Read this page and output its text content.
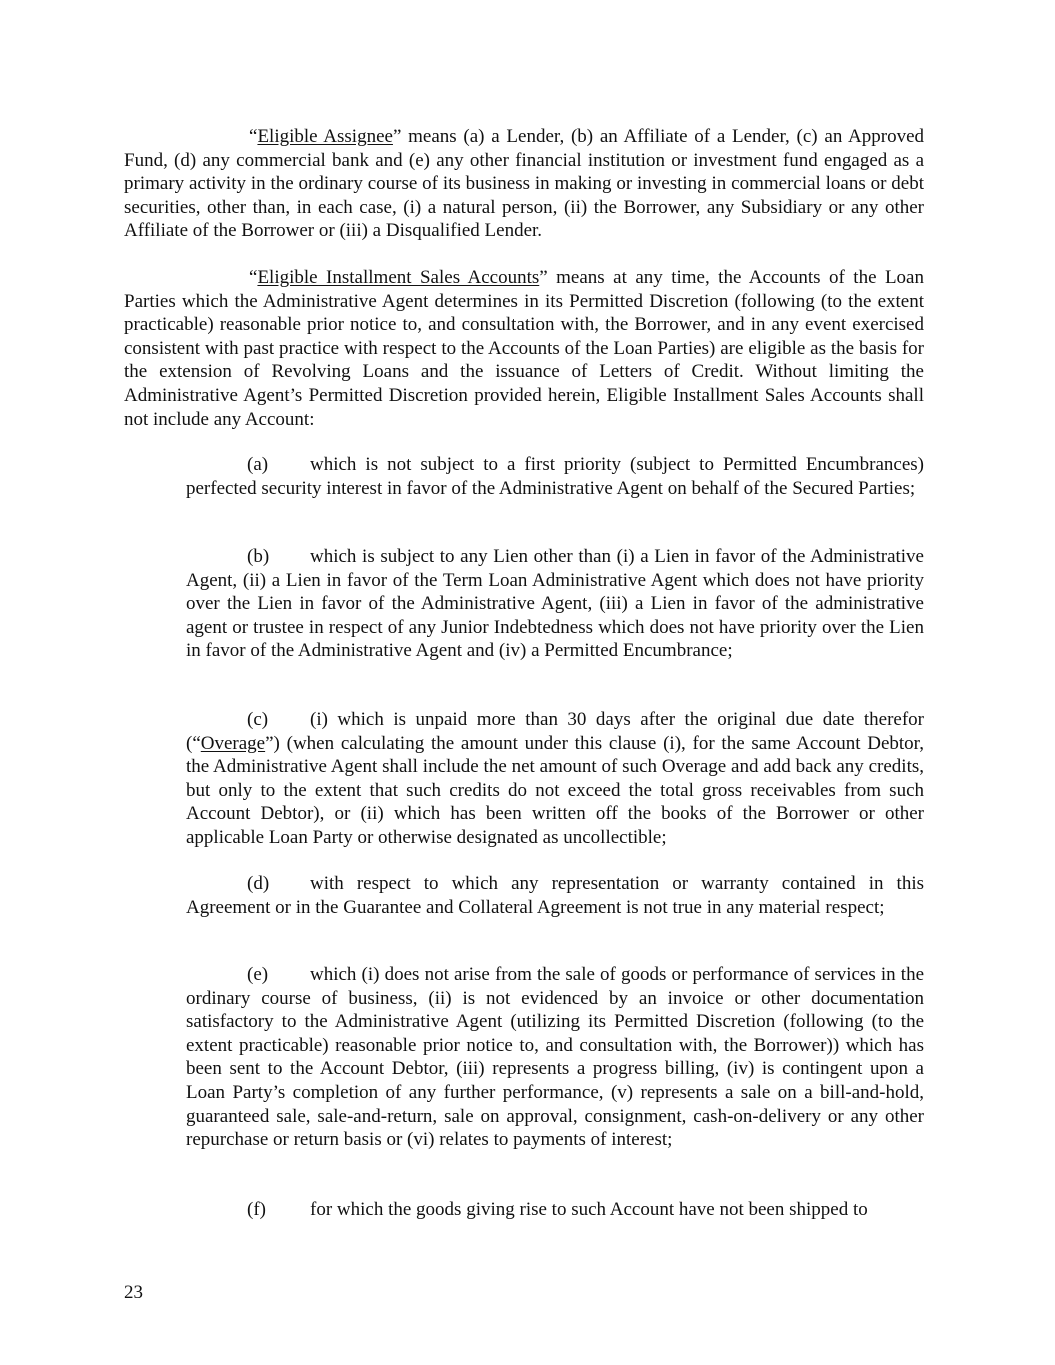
“Eligible Assignee” means (a) a Lender, (b) an Affiliate of a Lender, (c) an Approved Fund, (d) any commercial bank and (e) any other financial institution or investment fund engaged as a primary activity in the ordinary course of its business in making or investing in commercial loans or debt securities, other than, in each case, (i) a natural person, (ii) the Borrower, any Subsidiary or any other Affiliate of the Borrower or (iii) a Disqualified Lender.

“Eligible Installment Sales Accounts” means at any time, the Accounts of the Loan Parties which the Administrative Agent determines in its Permitted Discretion (following (to the extent practicable) reasonable prior notice to, and consultation with, the Borrower, and in any event exercised consistent with past practice with respect to the Accounts of the Loan Parties) are eligible as the basis for the extension of Revolving Loans and the issuance of Letters of Credit. Without limiting the Administrative Agent’s Permitted Discretion provided herein, Eligible Installment Sales Accounts shall not include any Account:

(a) which is not subject to a first priority (subject to Permitted Encumbrances) perfected security interest in favor of the Administrative Agent on behalf of the Secured Parties;

(b) which is subject to any Lien other than (i) a Lien in favor of the Administrative Agent, (ii) a Lien in favor of the Term Loan Administrative Agent which does not have priority over the Lien in favor of the Administrative Agent, (iii) a Lien in favor of the administrative agent or trustee in respect of any Junior Indebtedness which does not have priority over the Lien in favor of the Administrative Agent and (iv) a Permitted Encumbrance;

(c) (i) which is unpaid more than 30 days after the original due date therefor (“Overage”) (when calculating the amount under this clause (i), for the same Account Debtor, the Administrative Agent shall include the net amount of such Overage and add back any credits, but only to the extent that such credits do not exceed the total gross receivables from such Account Debtor), or (ii) which has been written off the books of the Borrower or other applicable Loan Party or otherwise designated as uncollectible;

(d) with respect to which any representation or warranty contained in this Agreement or in the Guarantee and Collateral Agreement is not true in any material respect;

(e) which (i) does not arise from the sale of goods or performance of services in the ordinary course of business, (ii) is not evidenced by an invoice or other documentation satisfactory to the Administrative Agent (utilizing its Permitted Discretion (following (to the extent practicable) reasonable prior notice to, and consultation with, the Borrower)) which has been sent to the Account Debtor, (iii) represents a progress billing, (iv) is contingent upon a Loan Party’s completion of any further performance, (v) represents a sale on a bill-and-hold, guaranteed sale, sale-and-return, sale on approval, consignment, cash-on-delivery or any other repurchase or return basis or (vi) relates to payments of interest;

(f) for which the goods giving rise to such Account have not been shipped to

23
